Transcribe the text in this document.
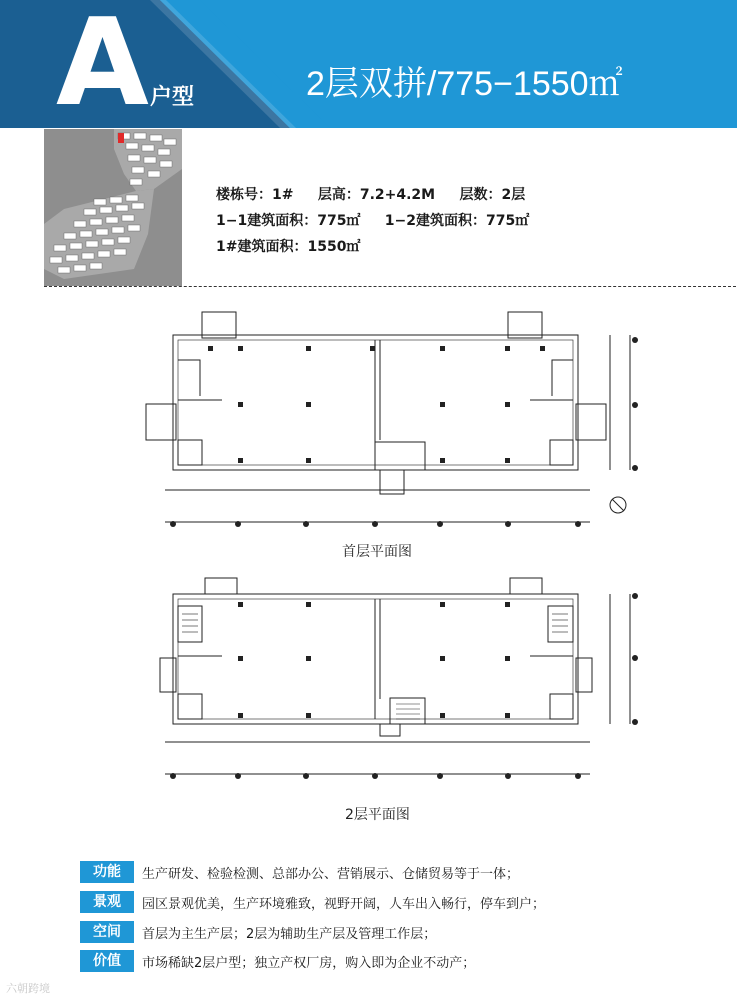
A 户型	2层双拼/775−1550㎡
楼栋号：1#     层高：7.2+4.2M     层数：2层
1−1建筑面积：775㎡     1−2建筑面积：775㎡
1#建筑面积：1550㎡
首层平面图
2层平面图
功能	生产研发、检验检测、总部办公、营销展示、仓储贸易等于一体；
景观	园区景观优美，生产环境雅致，视野开阔，人车出入畅行，停车到户；
空间	首层为主生产层；2层为辅助生产层及管理工作层；
价值	市场稀缺2层户型；独立产权厂房，购入即为企业不动产；
六朝跨境
